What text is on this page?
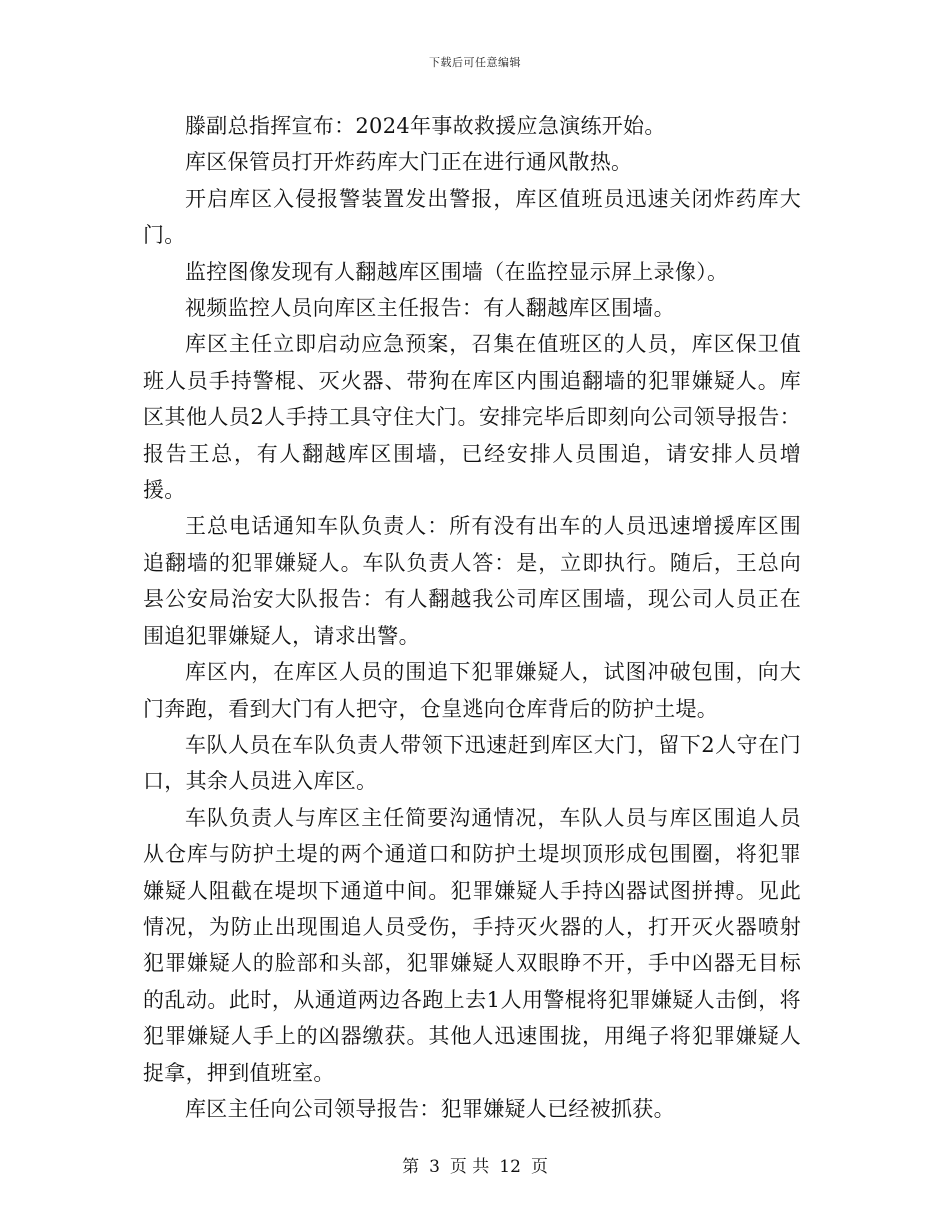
下载后可任意编辑

滕副总指挥宣布：2024年事故救援应急演练开始。

库区保管员打开炸药库大门正在进行通风散热。

开启库区入侵报警装置发出警报，库区值班员迅速关闭炸药库大门。

监控图像发现有人翻越库区围墙（在监控显示屏上录像）。

视频监控人员向库区主任报告：有人翻越库区围墙。

库区主任立即启动应急预案，召集在值班区的人员，库区保卫值班人员手持警棍、灭火器、带狗在库区内围追翻墙的犯罪嫌疑人。库区其他人员2人手持工具守住大门。安排完毕后即刻向公司领导报告：报告王总，有人翻越库区围墙，已经安排人员围追，请安排人员增援。

王总电话通知车队负责人：所有没有出车的人员迅速增援库区围追翻墙的犯罪嫌疑人。车队负责人答：是，立即执行。随后，王总向县公安局治安大队报告：有人翻越我公司库区围墙，现公司人员正在围追犯罪嫌疑人，请求出警。

库区内，在库区人员的围追下犯罪嫌疑人，试图冲破包围，向大门奔跑，看到大门有人把守，仓皇逃向仓库背后的防护土堤。

车队人员在车队负责人带领下迅速赶到库区大门，留下2人守在门口，其余人员进入库区。

车队负责人与库区主任简要沟通情况，车队人员与库区围追人员从仓库与防护土堤的两个通道口和防护土堤坝顶形成包围圈，将犯罪嫌疑人阻截在堤坝下通道中间。犯罪嫌疑人手持凶器试图拼搏。见此情况，为防止出现围追人员受伤，手持灭火器的人，打开灭火器喷射犯罪嫌疑人的脸部和头部，犯罪嫌疑人双眼睁不开，手中凶器无目标的乱动。此时，从通道两边各跑上去1人用警棍将犯罪嫌疑人击倒，将犯罪嫌疑人手上的凶器缴获。其他人迅速围拢，用绳子将犯罪嫌疑人捉拿，押到值班室。

库区主任向公司领导报告：犯罪嫌疑人已经被抓获。

第 3 页 共 12 页
